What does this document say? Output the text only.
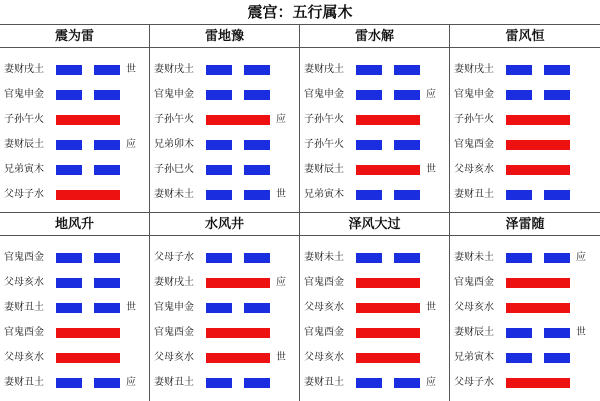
震宫：五行属木
震为雷
妻财戌土	世
官鬼申金
子孙午火
妻财辰土	应
兄弟寅木
父母子水
雷地豫
妻财戌土
官鬼申金
子孙午火	应
兄弟卯木
子孙巳火
妻财未土	世
雷水解
妻财戌土
官鬼申金	应
子孙午火
子孙午火
妻财辰土	世
兄弟寅木
雷风恒
妻财戌土
官鬼申金
子孙午火
官鬼酉金
父母亥水
妻财丑土
地风升
官鬼酉金
父母亥水
妻财丑土	世
官鬼酉金
父母亥水
妻财丑土	应
水风井
父母子水
妻财戌土	应
官鬼申金
官鬼酉金
父母亥水	世
妻财丑土
泽风大过
妻财未土
官鬼酉金
父母亥水	世
官鬼酉金
父母亥水
妻财丑土	应
泽雷随
妻财未土	应
官鬼酉金
父母亥水
妻财辰土	世
兄弟寅木
父母子水
